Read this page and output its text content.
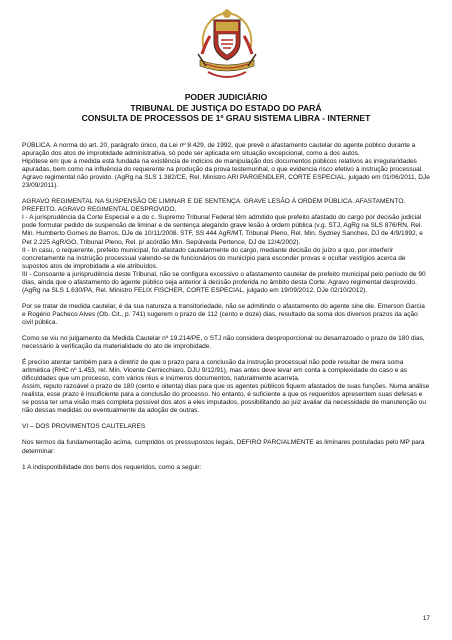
PODER JUDICIÁRIO
TRIBUNAL DE JUSTIÇA DO ESTADO DO PARÁ
CONSULTA DE PROCESSOS DE 1º GRAU SISTEMA LIBRA - INTERNET

PÚBLICA. A norma do art. 20, parágrafo único, da Lei nº 8.429, de 1992, que prevê o afastamento cautelar do agente público durante a apuração dos atos de improbidade administrativa, só pode ser aplicada em situação excepcional, como a dos autos.

Hipótese em que a medida está fundada na existência de indícios de manipulação dos documentos públicos relativos às irregularidades apuradas, bem como na influência do requerente na produção da prova testemunhal, o que evidencia risco efetivo à instrução processual. Agravo regimental não provido. (AgRg na SLS 1.382/CE, Rel. Ministro ARI PARGENDLER, CORTE ESPECIAL, julgado em 01/06/2011, DJe 23/09/2011).

AGRAVO REGIMENTAL NA SUSPENSÃO DE LIMINAR E DE SENTENÇA. GRAVE LESÃO À ORDEM PÚBLICA. AFASTAMENTO. PREFEITO. AGRAVO REGIMENTAL DESPROVIDO.

I - A jurisprudência da Corte Especial e a do c. Supremo Tribunal Federal têm admitido que prefeito afastado do cargo por decisão judicial pode formular pedido de suspensão de liminar e de sentença alegando grave lesão à ordem pública (v.g. STJ, AgRg na SLS 876/RN, Rel. Min. Humberto Gomes de Barros, DJe de 10/11/2008. STF, SS 444 AgR/MT, Tribunal Pleno, Rel. Min. Sydney Sanches, DJ de 4/9/1992, e Pet 2.225 AgR/GO, Tribunal Pleno, Rel. p/ acórdão Min. Sepúlveda Pertence, DJ de 12/4/2002).

II - In casu, o requerente, prefeito municipal, foi afastado cautelarmente do cargo, mediante decisão do juízo a quo, por interferir concretamente na instrução processual valendo-se de funcionários do município para esconder provas e ocultar vestígios acerca de supostos atos de improbidade a ele atribuídos.

III - Consoante a jurisprudência deste Tribunal, não se configura excessivo o afastamento cautelar de prefeito municipal pelo período de 90 dias, ainda que o afastamento do agente público seja anterior à decisão proferida no âmbito desta Corte. Agravo regimental desprovido. (AgRg na SLS 1.630/PA, Rel. Ministro FELIX FISCHER, CORTE ESPECIAL, julgado em 19/09/2012, DJe 02/10/2012).

Por se tratar de medida cautelar, é da sua natureza a transitoriedade, não se admitindo o afastamento do agente sine die. Emerson Garcia e Rogério Pacheco Alves (Ob. Cit., p. 741) sugerem o prazo de 112 (cento e doze) dias, resultado da soma dos diversos prazos da ação civil pública.

Como se viu no julgamento da Medida Cautelar nº 19.214/PE, o STJ não considera desproporcional ou desarrazoado o prazo de 180 dias, necessário à verificação da materialidade do ato de improbidade.

É preciso atentar também para a diretriz de que o prazo para a conclusão da instrução processual não pode resultar de mera soma aritmética (RHC nº 1.453, rel. Min. Vicente Cernicchiaro, DJU 9/12/91), mas antes deve levar em conta a complexidade do caso e as dificuldades que um processo, com vários réus e inúmeros documentos, naturalmente acarreta.

Assim, reputo razoável o prazo de 180 (cento e oitenta) dias para que os agentes públicos fiquem afastados de suas funções. Numa análise realista, esse prazo é insuficiente para a conclusão do processo. No entanto, é suficiente a que os requeridos apresentem suas defesas e se possa ter uma visão mais completa possível dos atos a eles imputados, possibilitando ao juiz avaliar da necessidade de manutenção ou não dessas medidas ou eventualmente da adoção de outras.

VI – DOS PROVIMENTOS CAUTELARES

Nos termos da fundamentação acima, cumpridos os pressupostos legais, DEFIRO PARCIALMENTE as liminares postuladas pelo MP para determinar:

1 A indisponibilidade dos bens dos requeridos, como a seguir:

17
